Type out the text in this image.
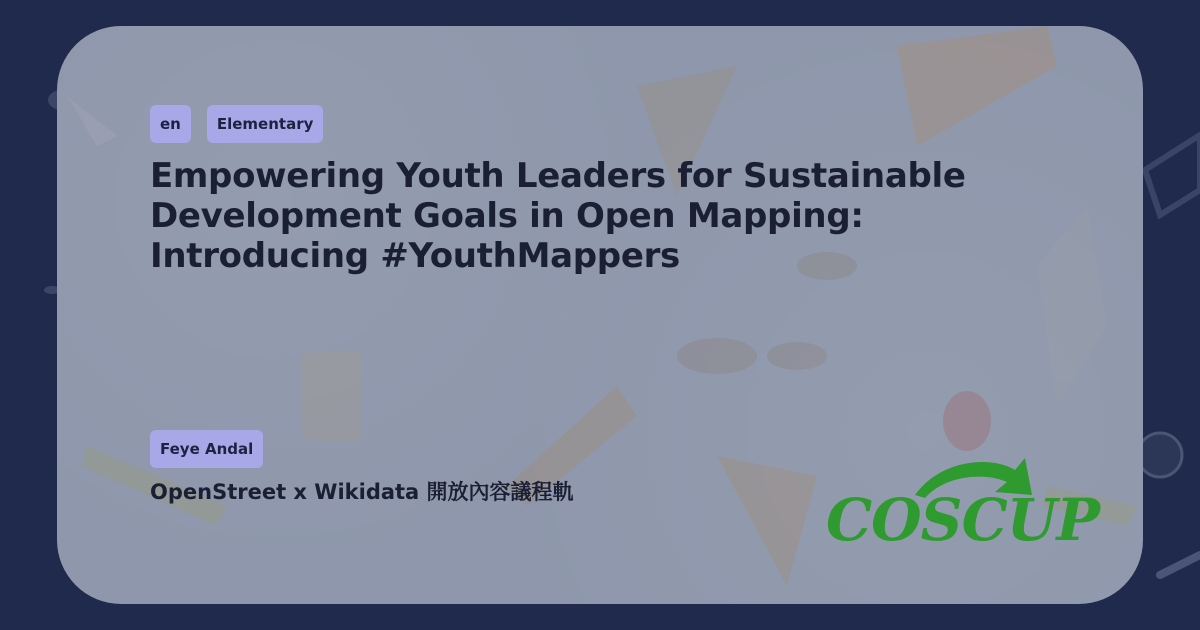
en	Elementary
Empowering Youth Leaders for Sustainable Development Goals in Open Mapping: Introducing #YouthMappers
Feye Andal
OpenStreet x Wikidata 開放內容議程軌	COSCUP
